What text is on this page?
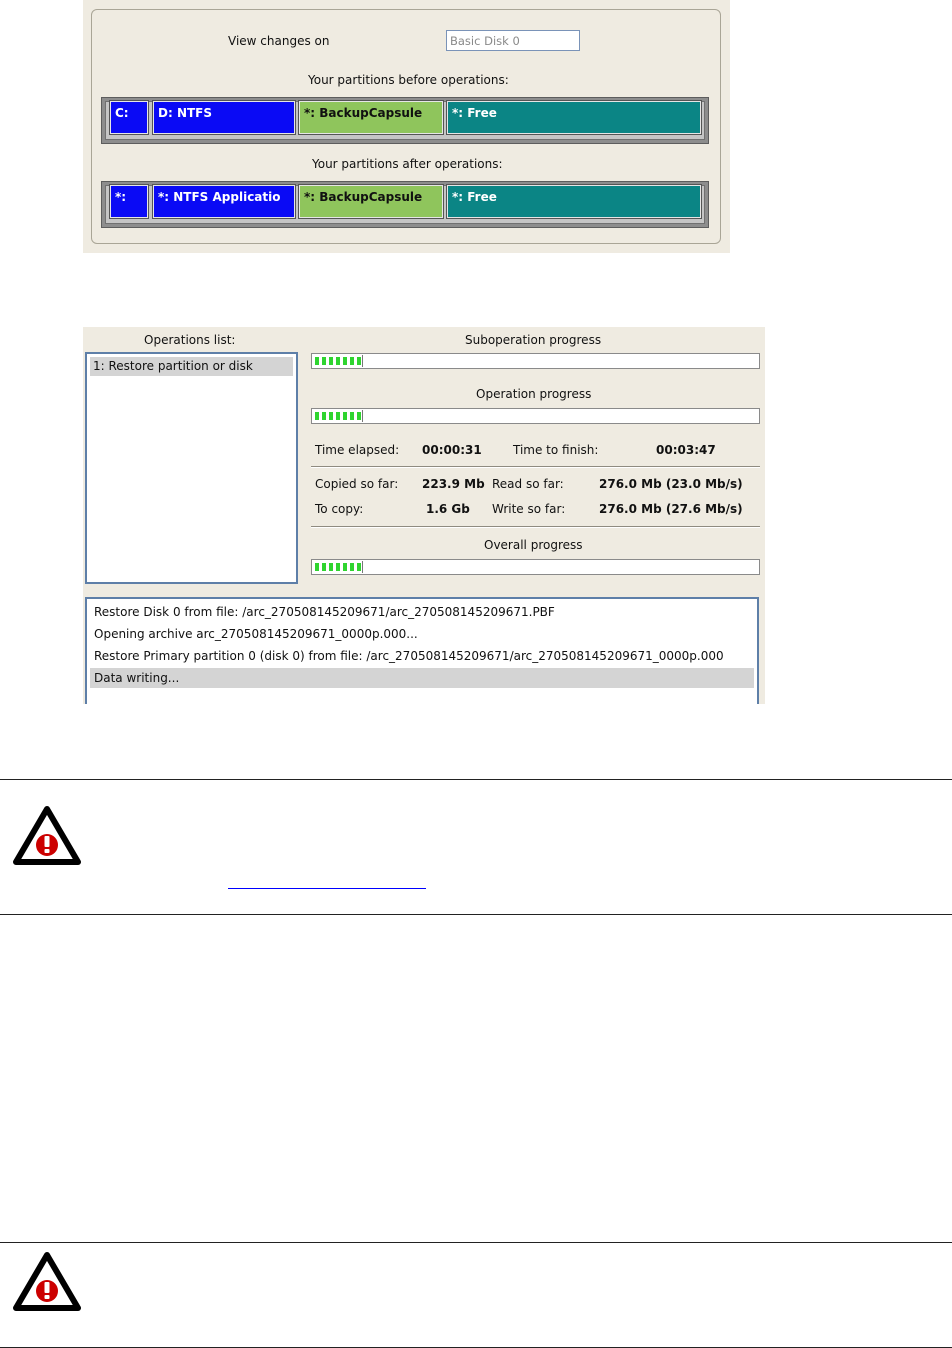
View changes on	Basic Disk 0
Your partitions before operations:
C:	D: NTFS	*: BackupCapsule	*: Free
Your partitions after operations:
*:	*: NTFS Applicatio	*: BackupCapsule	*: Free
Operations list:
1: Restore partition or disk
Suboperation progress
Operation progress
Time elapsed: 00:00:31	Time to finish:	00:03:47
Copied so far: 223.9 Mb Read so far:	276.0 Mb (23.0 Mb/s)
To copy:	1.6 Gb Write so far:	276.0 Mb (27.6 Mb/s)
Overall progress
Restore Disk 0 from file: /arc_270508145209671/arc_270508145209671.PBF
Opening archive arc_270508145209671_0000p.000...
Restore Primary partition 0 (disk 0) from file: /arc_270508145209671/arc_270508145209671_0000p.000
Data writing...
